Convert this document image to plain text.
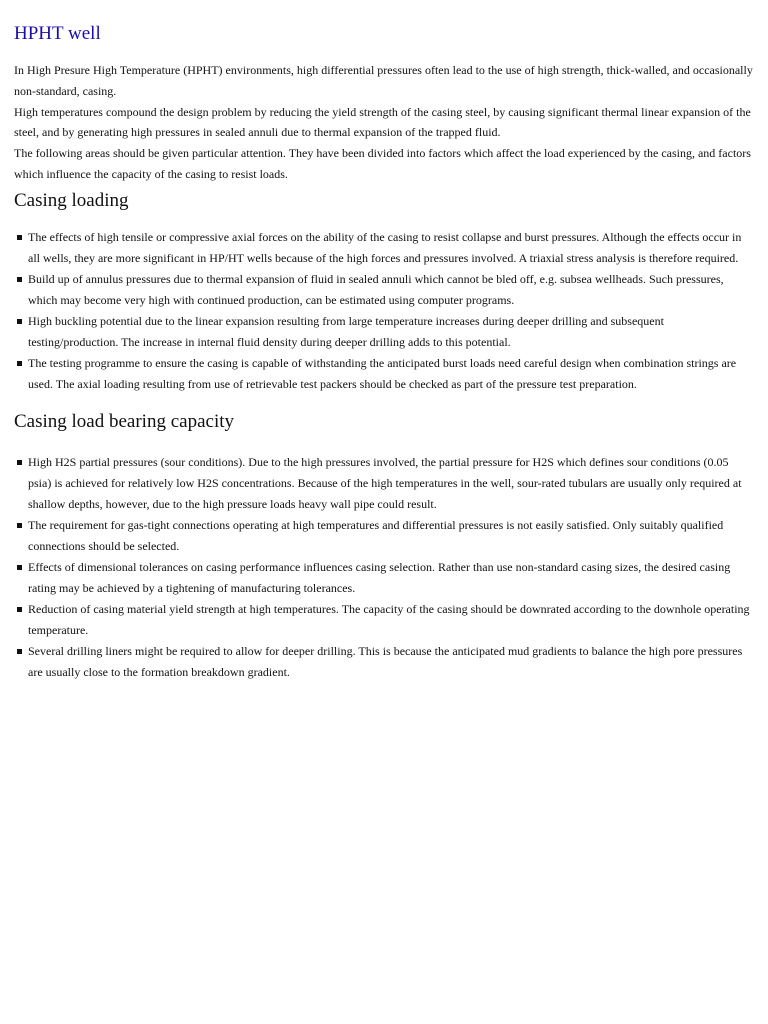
HPHT well

In High Presure High Temperature (HPHT) environments, high differential pressures often lead to the use of high strength, thick-walled, and occasionally non-standard, casing.

High temperatures compound the design problem by reducing the yield strength of the casing steel, by causing significant thermal linear expansion of the steel, and by generating high pressures in sealed annuli due to thermal expansion of the trapped fluid.

The following areas should be given particular attention. They have been divided into factors which affect the load experienced by the casing, and factors which influence the capacity of the casing to resist loads.

Casing loading
The effects of high tensile or compressive axial forces on the ability of the casing to resist collapse and burst pressures. Although the effects occur in all wells, they are more significant in HP/HT wells because of the high forces and pressures involved. A triaxial stress analysis is therefore required.
Build up of annulus pressures due to thermal expansion of fluid in sealed annuli which cannot be bled off, e.g. subsea wellheads. Such pressures, which may become very high with continued production, can be estimated using computer programs.
High buckling potential due to the linear expansion resulting from large temperature increases during deeper drilling and subsequent testing/production. The increase in internal fluid density during deeper drilling adds to this potential.
The testing programme to ensure the casing is capable of withstanding the anticipated burst loads need careful design when combination strings are used. The axial loading resulting from use of retrievable test packers should be checked as part of the pressure test preparation.
Casing load bearing capacity
High H2S partial pressures (sour conditions). Due to the high pressures involved, the partial pressure for H2S which defines sour conditions (0.05 psia) is achieved for relatively low H2S concentrations. Because of the high temperatures in the well, sour-rated tubulars are usually only required at shallow depths, however, due to the high pressure loads heavy wall pipe could result.
The requirement for gas-tight connections operating at high temperatures and differential pressures is not easily satisfied. Only suitably qualified connections should be selected.
Effects of dimensional tolerances on casing performance influences casing selection. Rather than use non-standard casing sizes, the desired casing rating may be achieved by a tightening of manufacturing tolerances.
Reduction of casing material yield strength at high temperatures. The capacity of the casing should be downrated according to the downhole operating temperature.
Several drilling liners might be required to allow for deeper drilling. This is because the anticipated mud gradients to balance the high pore pressures are usually close to the formation breakdown gradient.
